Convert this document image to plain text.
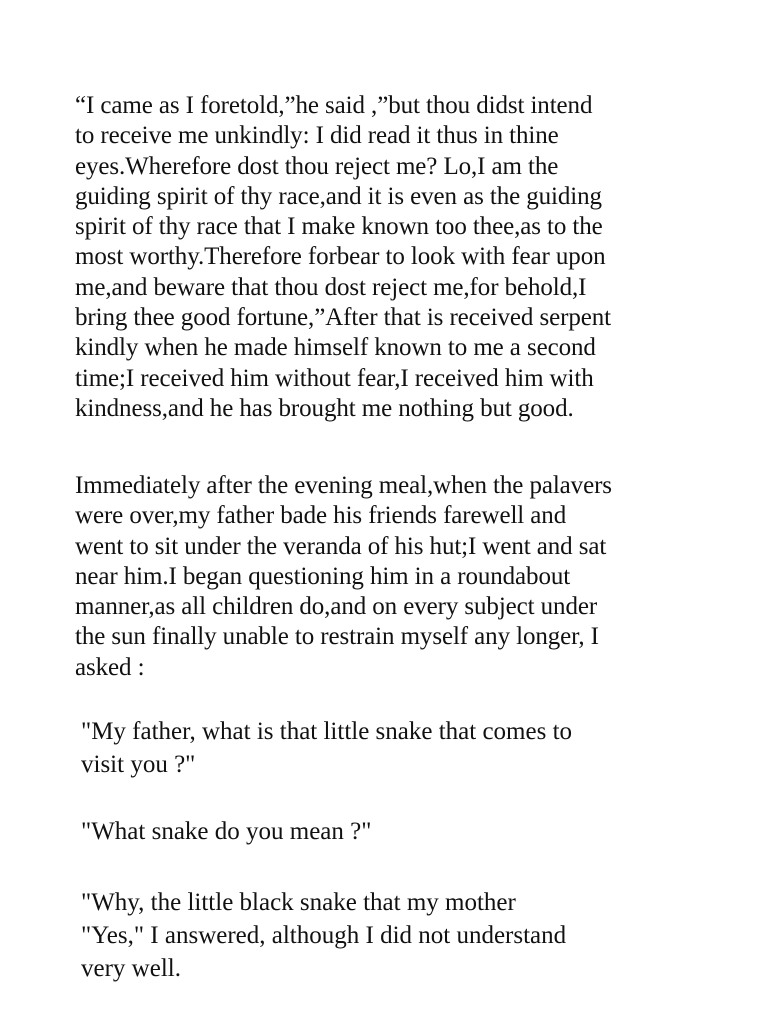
“I came as I foretold,”he said ,”but thou didst intend
to receive me unkindly: I did read it thus in thine
eyes.Wherefore dost thou reject me? Lo,I am the
guiding spirit of thy race,and it is even as the guiding
spirit of thy race that I make known too thee,as to the
most worthy.Therefore forbear to look with fear upon
me,and beware that thou dost reject me,for behold,I
bring thee good fortune,”After that is received serpent
kindly when he made himself known to me a second
time;I received him without fear,I received him with
kindness,and he has brought me nothing but good.

Immediately after the evening meal,when the palavers
were over,my father bade his friends farewell and
went to sit under the veranda of his hut;I went and sat
near him.I began questioning him in a roundabout
manner,as all children do,and on every subject under
the sun finally unable to restrain myself any longer, I
asked :

"My father, what is that little snake that comes to
visit you ?"

"What snake do you mean ?"

"Why, the little black snake that my mother
"Yes," I answered, although I did not understand
very well.
